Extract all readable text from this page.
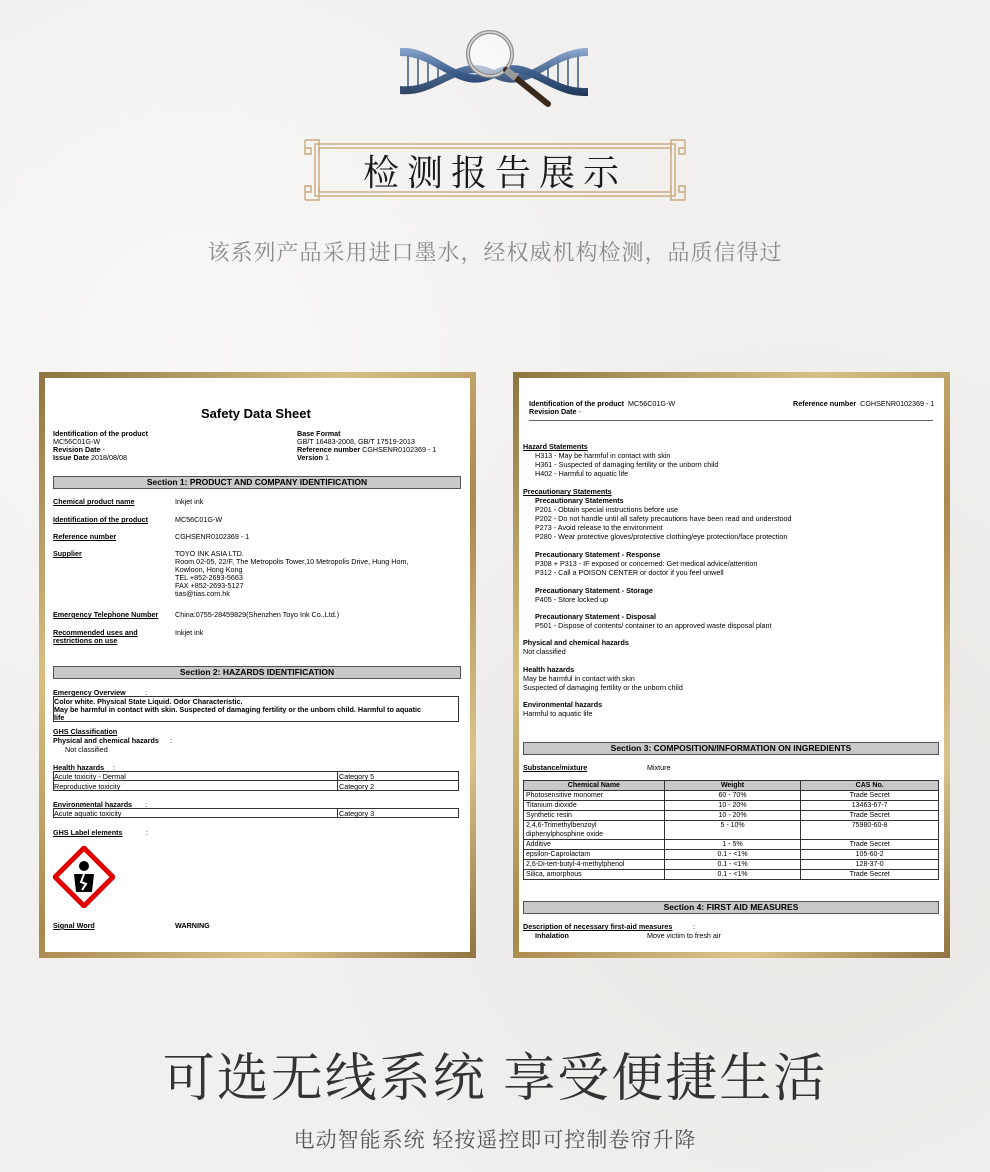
检测报告展示
该系列产品采用进口墨水，经权威机构检测，品质信得过
Safety Data Sheet
Identification of the product
MC56C01G-W
Revision Date -
Issue Date 2018/08/08
Base Format
GB/T 16483-2008, GB/T 17519-2013
Reference number CGHSENR0102369 - 1
Version 1
Section 1: PRODUCT AND COMPANY IDENTIFICATION
Chemical product name	Inkjet ink
Identification of the product	MC56C01G-W
Reference number	CGHSENR0102369 - 1
Supplier	TOYO INK ASIA LTD.
Room 02-05, 22/F, The Metropolis Tower,10 Metropolis Drive, Hung Hom,
Kowloon, Hong Kong
TEL +852-2693-5663
FAX +852-2693-5127
tias@tias.com.hk
Emergency Telephone Number China:0755-28459829(Shenzhen Toyo Ink Co.,Ltd.)
Recommended uses and
restrictions on use
Inkjet ink
Section 2: HAZARDS IDENTIFICATION
Emergency Overview	:
Color white. Physical State Liquid. Odor Characteristic.
May be harmful in contact with skin. Suspected of damaging fertility or the unborn child. Harmful to aquatic
life
GHS Classification
Physical and chemical hazards :
Not classified
Health hazards :
Acute toxicity - Dermal	Category 5
Reproductive toxicity	Category 2
Environmental hazards :
Acute aquatic toxicity	Category 3
GHS Label elements	:
Signal Word	WARNING
Identification of the product MC56C01G-W
Revision Date -
Reference number CGHSENR0102369 - 1
Hazard Statements
H313 - May be harmful in contact with skin
H361 - Suspected of damaging fertility or the unborn child
H402 - Harmful to aquatic life
Precautionary Statements
Precautionary Statements
P201 - Obtain special instructions before use
P202 - Do not handle until all safety precautions have been read and understood
P273 - Avoid release to the environment
P280 - Wear protective gloves/protective clothing/eye protection/face protection
Precautionary Statement - Response
P308 + P313 - IF exposed or concerned: Get medical advice/attention
P312 - Call a POISON CENTER or doctor if you feel unwell
Precautionary Statement - Storage
P405 - Store locked up
Precautionary Statement - Disposal
P501 - Dispose of contents/ container to an approved waste disposal plant
Physical and chemical hazards
Not classified
Health hazards
May be harmful in contact with skin
Suspected of damaging fertility or the unborn child
Environmental hazards
Harmful to aquatic life
Section 3: COMPOSITION/INFORMATION ON INGREDIENTS
Substance/mixture	Mixture
Chemical Name	Weight	CAS No.
Photosensitive monomer	60 - 70%	Trade Secret
Titanium dioxide	10 - 20%	13463-67-7
Synthetic resin	10 - 20%	Trade Secret
2,4,6-Trimethylbenzoyl
diphenylphosphine oxide	5 - 10%	75980-60-8
Additive	1 - 5%	Trade Secret
epsilon-Caprolactam	0.1 - <1%	105-60-2
2,6-Di-tert-butyl-4-methylphenol	0.1 - <1%	128-37-0
Silica, amorphous	0.1 - <1%	Trade Secret
Section 4: FIRST AID MEASURES
Description of necessary first-aid measures	:
Inhalation	Move victim to fresh air
可选无线系统 享受便捷生活
电动智能系统 轻按遥控即可控制卷帘升降
